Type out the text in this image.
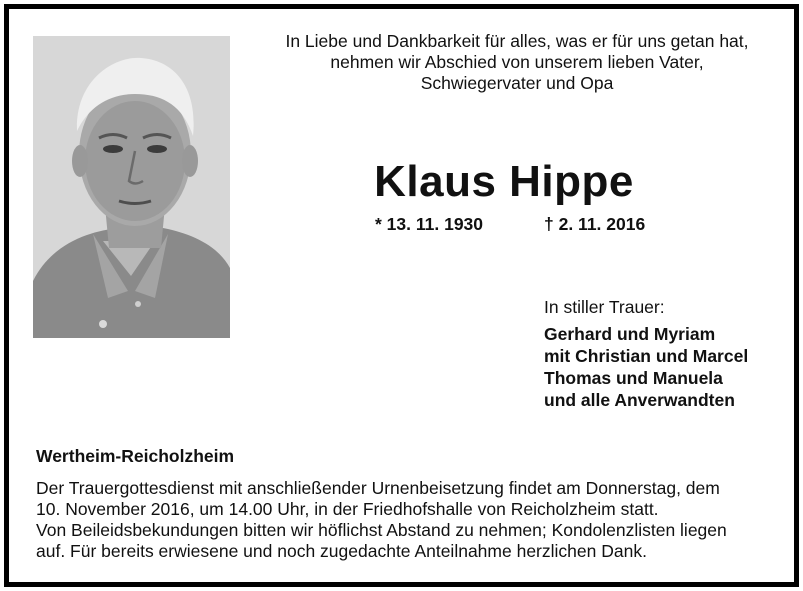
In Liebe und Dankbarkeit für alles, was er für uns getan hat,
nehmen wir Abschied von unserem lieben Vater,
Schwiegervater und Opa
Klaus Hippe
* 13. 11. 1930	† 2. 11. 2016
In stiller Trauer:
Gerhard und Myriam
mit Christian und Marcel
Thomas und Manuela
und alle Anverwandten
Wertheim-Reicholzheim
Der Trauergottesdienst mit anschließender Urnenbeisetzung findet am Donnerstag, dem
10. November 2016, um 14.00 Uhr, in der Friedhofshalle von Reicholzheim statt.
Von Beileidsbekundungen bitten wir höflichst Abstand zu nehmen; Kondolenzlisten liegen
auf. Für bereits erwiesene und noch zugedachte Anteilnahme herzlichen Dank.
